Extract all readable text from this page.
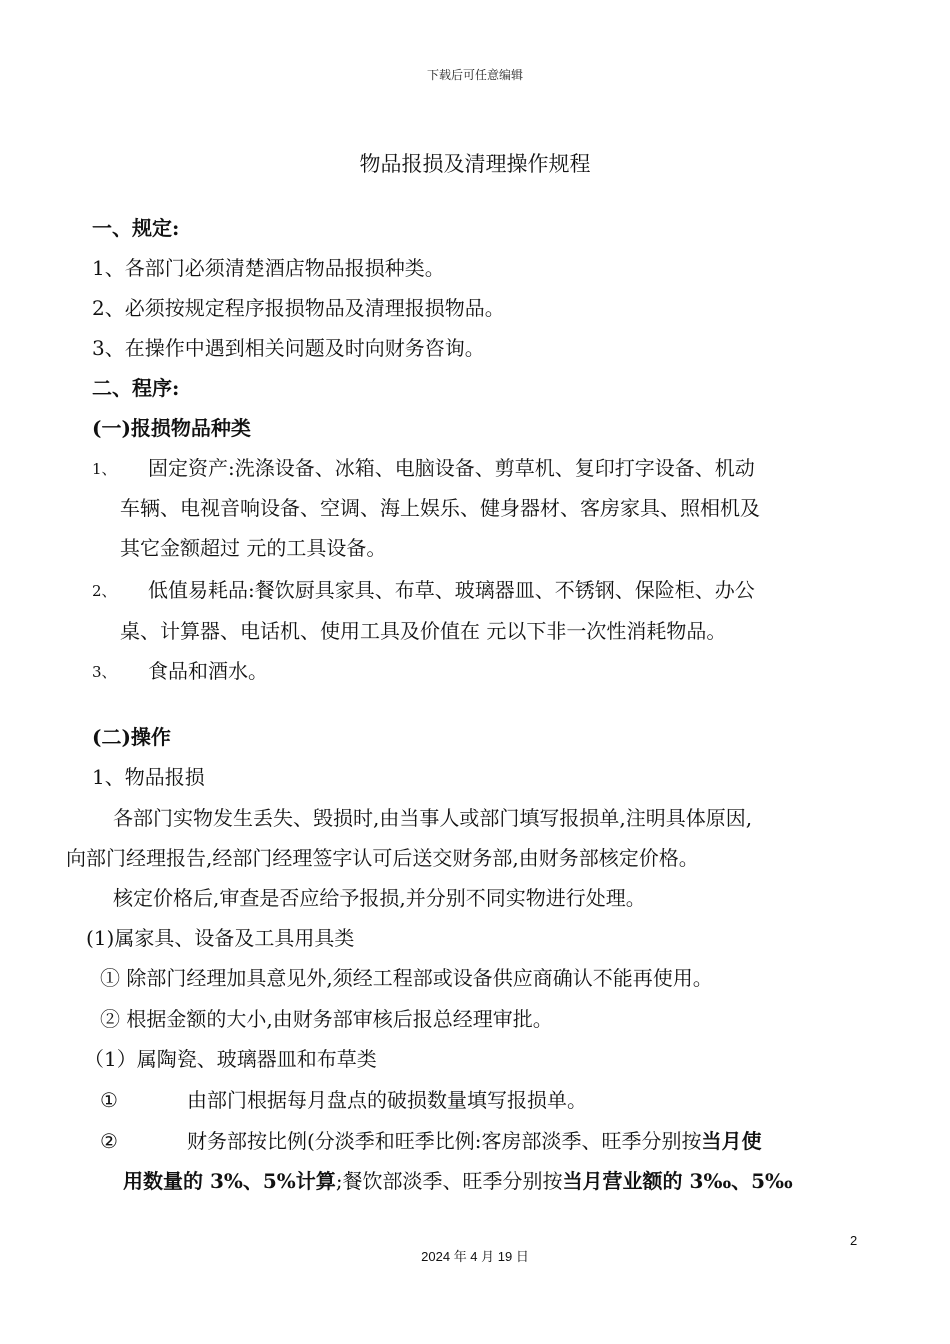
下载后可任意编辑
物品报损及清理操作规程
一、规定:
1、各部门必须清楚酒店物品报损种类。
2、必须按规定程序报损物品及清理报损物品。
3、在操作中遇到相关问题及时向财务咨询。
二、程序:
(一)报损物品种类
1、 固定资产:洗涤设备、冰箱、电脑设备、剪草机、复印打字设备、机动
车辆、电视音响设备、空调、海上娱乐、健身器材、客房家具、照相机及
其它金额超过 元的工具设备。
2、 低值易耗品:餐饮厨具家具、布草、玻璃器皿、不锈钢、保险柜、办公
桌、计算器、电话机、使用工具及价值在 元以下非一次性消耗物品。
3、 食品和酒水。
(二)操作
1、物品报损
各部门实物发生丢失、毁损时,由当事人或部门填写报损单,注明具体原因,
向部门经理报告,经部门经理签字认可后送交财务部,由财务部核定价格。
核定价格后,审查是否应给予报损,并分别不同实物进行处理。
(1)属家具、设备及工具用具类
① 除部门经理加具意见外,须经工程部或设备供应商确认不能再使用。
② 根据金额的大小,由财务部审核后报总经理审批。
（1）属陶瓷、玻璃器皿和布草类
①	由部门根据每月盘点的破损数量填写报损单。
②	财务部按比例(分淡季和旺季比例:客房部淡季、旺季分别按当月使
用数量的 3%、5%计算;餐饮部淡季、旺季分别按当月营业额的 3‰、5‰
2
2024 年 4 月 19 日
